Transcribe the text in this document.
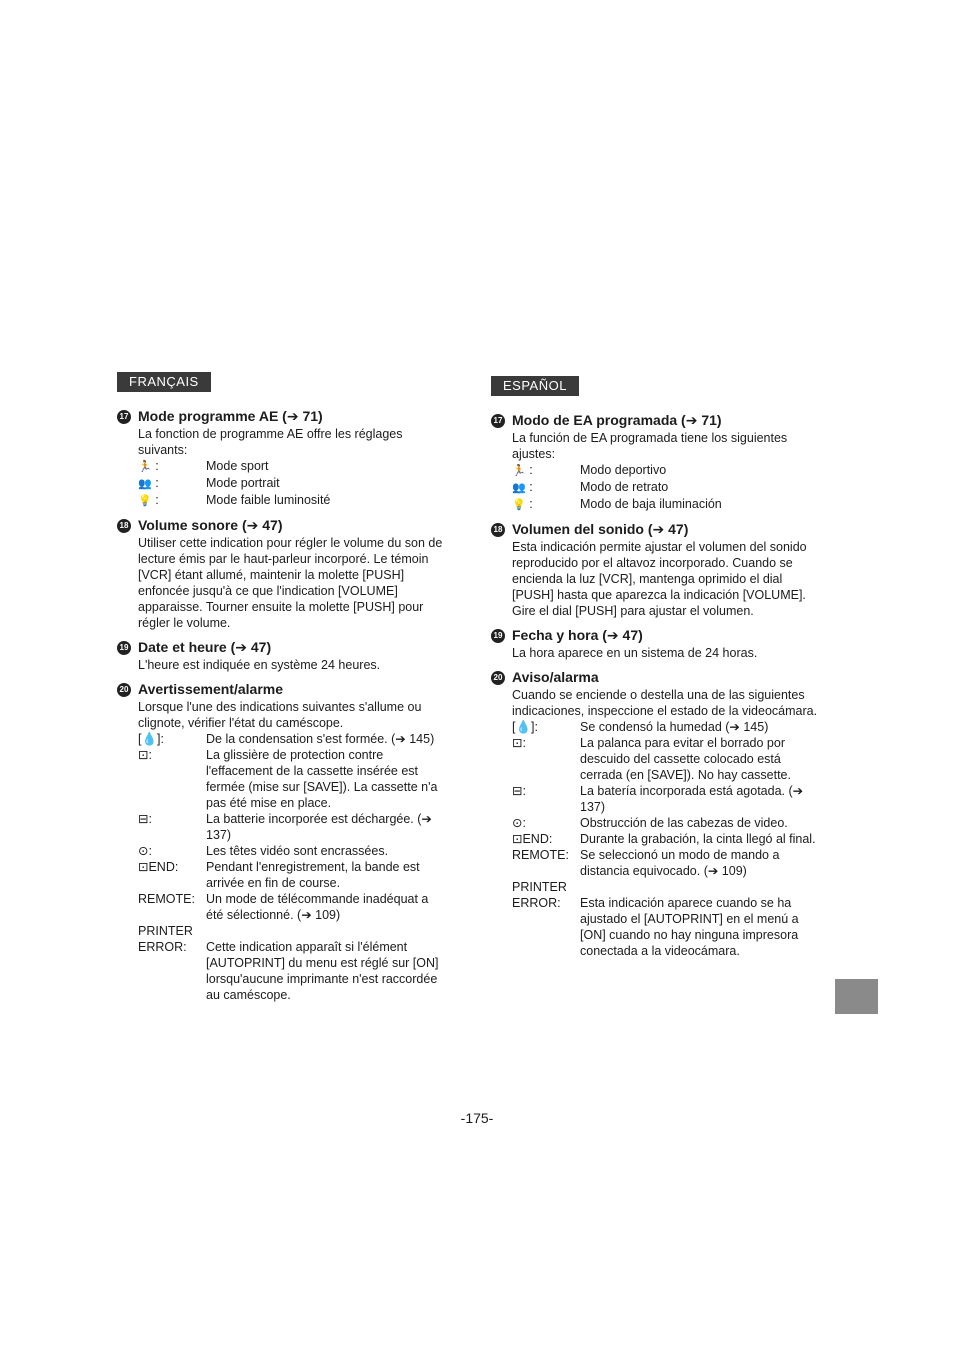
FRANÇAIS
17 Mode programme AE (➔ 71)
La fonction de programme AE offre les réglages suivants:
🏃 :	Mode sport
👥 :	Mode portrait
💡 :	Mode faible luminosité
18 Volume sonore (➔ 47)
Utiliser cette indication pour régler le volume du son de lecture émis par le haut-parleur incorporé. Le témoin [VCR] étant allumé, maintenir la molette [PUSH] enfoncée jusqu'à ce que l'indication [VOLUME] apparaisse. Tourner ensuite la molette [PUSH] pour régler le volume.
19 Date et heure (➔ 47)
L'heure est indiquée en système 24 heures.
20 Avertissement/alarme
Lorsque l'une des indications suivantes s'allume ou clignote, vérifier l'état du caméscope.
[💧]:	De la condensation s'est formée. (➔ 145)
⊡:	La glissière de protection contre l'effacement de la cassette insérée est fermée (mise sur [SAVE]). La cassette n'a pas été mise en place.
⊟:	La batterie incorporée est déchargée. (➔ 137)
⊙:	Les têtes vidéo sont encrassées.
⊡END:	Pendant l'enregistrement, la bande est arrivée en fin de course.
REMOTE: Un mode de télécommande inadéquat a été sélectionné. (➔ 109)
PRINTER
ERROR:	Cette indication apparaît si l'élément [AUTOPRINT] du menu est réglé sur [ON] lorsqu'aucune imprimante n'est raccordée au caméscope.
ESPAÑOL
17 Modo de EA programada (➔ 71)
La función de EA programada tiene los siguientes ajustes:
🏃 :	Modo deportivo
👥 :	Modo de retrato
💡 :	Modo de baja iluminación
18 Volumen del sonido (➔ 47)
Esta indicación permite ajustar el volumen del sonido reproducido por el altavoz incorporado. Cuando se encienda la luz [VCR], mantenga oprimido el dial [PUSH] hasta que aparezca la indicación [VOLUME]. Gire el dial [PUSH] para ajustar el volumen.
19 Fecha y hora (➔ 47)
La hora aparece en un sistema de 24 horas.
20 Aviso/alarma
Cuando se enciende o destella una de las siguientes indicaciones, inspeccione el estado de la videocámara.
[💧]:	Se condensó la humedad (➔ 145)
⊡:	La palanca para evitar el borrado por descuido del cassette colocado está cerrada (en [SAVE]). No hay cassette.
⊟:	La batería incorporada está agotada. (➔ 137)
⊙:	Obstrucción de las cabezas de video.
⊡END:	Durante la grabación, la cinta llegó al final.
REMOTE: Se seleccionó un modo de mando a distancia equivocado. (➔ 109)
PRINTER
ERROR:	Esta indicación aparece cuando se ha ajustado el [AUTOPRINT] en el menú a [ON] cuando no hay ninguna impresora conectada a la videocámara.
-175-
